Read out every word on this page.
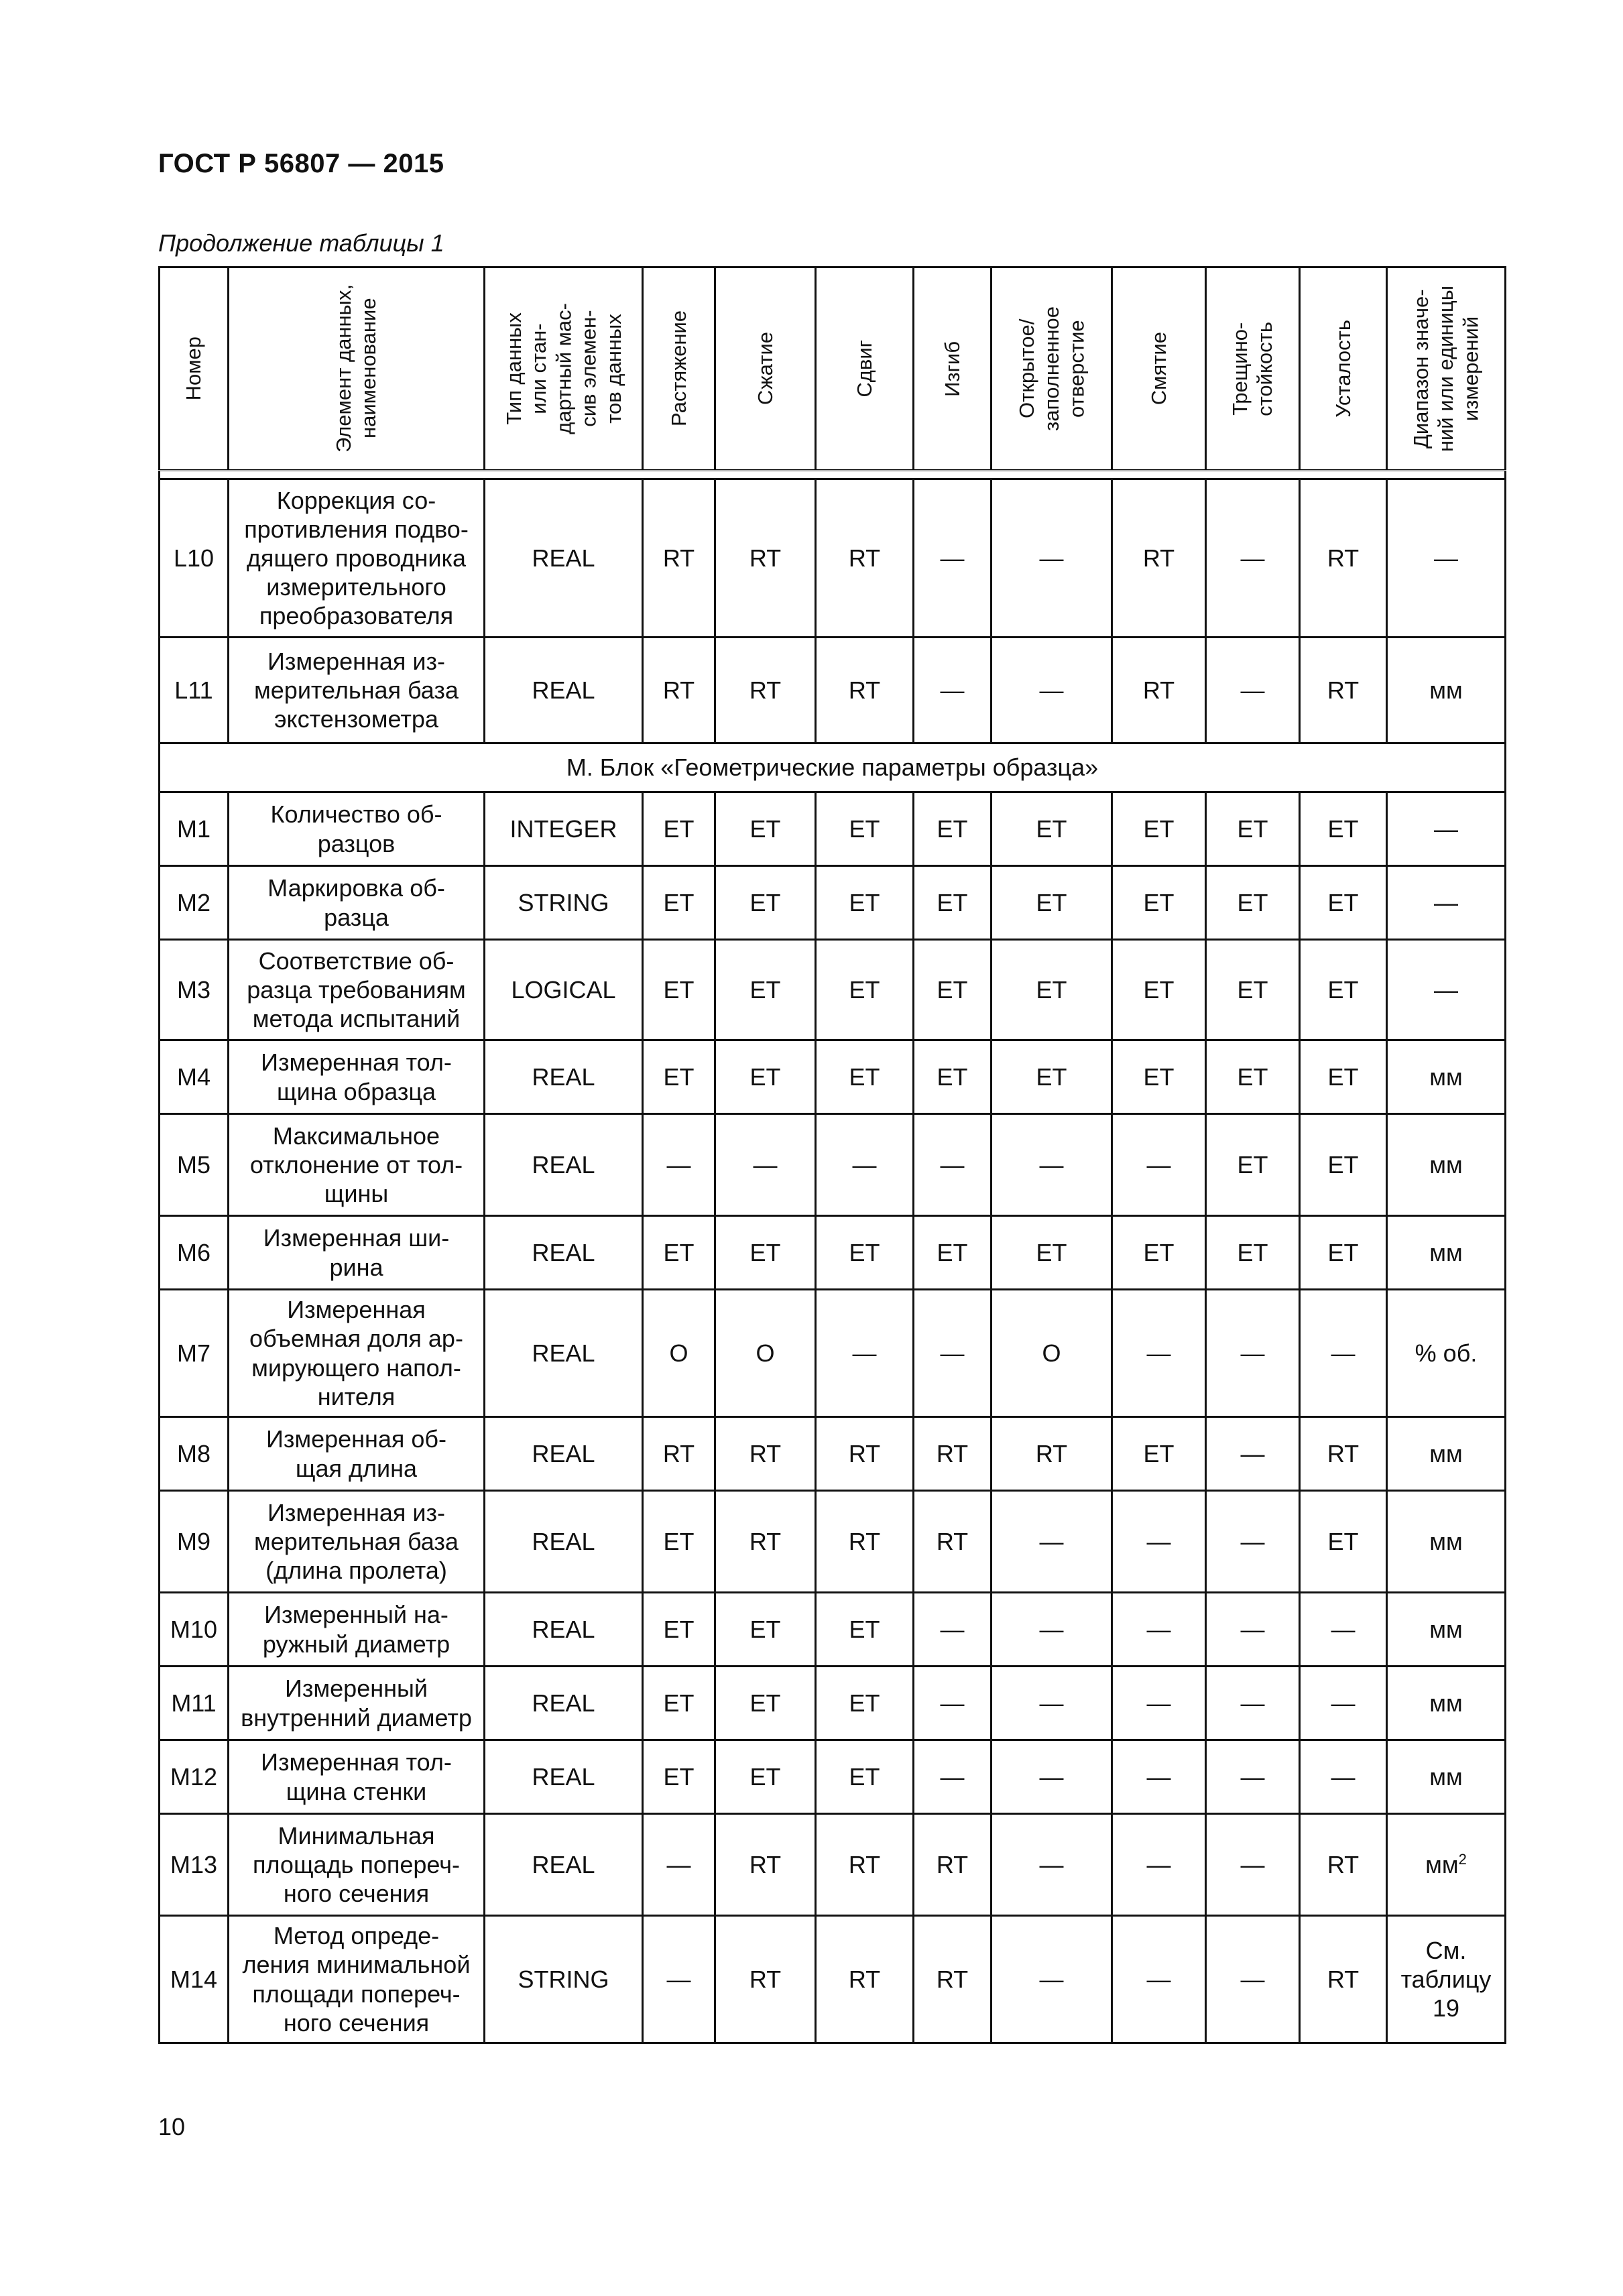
ГОСТ Р 56807 — 2015
Продолжение таблицы 1
Номер	Элемент данных,
наименование	Тип данных
или стан-
дартный мас-
сив элемен-
тов данных	Растяжение	Сжатие	Сдвиг	Изгиб	Открытое/
заполненное
отверстие	Смятие	Трещино-
стойкость	Усталость	Диапазон значе-
ний или единицы
измерений

L10	Коррекция со-
противления подво-
дящего проводника
измерительного
преобразователя	REAL	RT	RT	RT	—	—	RT	—	RT	—
L11	Измеренная из-
мерительная база
экстензометра	REAL	RT	RT	RT	—	—	RT	—	RT	мм
М. Блок «Геометрические параметры образца»											
M1	Количество об-
разцов	INTEGER	ET	ET	ET	ET	ET	ET	ET	ET	—
M2	Маркировка об-
разца	STRING	ET	ET	ET	ET	ET	ET	ET	ET	—
M3	Соответствие об-
разца требованиям
метода испытаний	LOGICAL	ET	ET	ET	ET	ET	ET	ET	ET	—
M4	Измеренная тол-
щина образца	REAL	ET	ET	ET	ET	ET	ET	ET	ET	мм
M5	Максимальное
отклонение от тол-
щины	REAL	—	—	—	—	—	—	ET	ET	мм
M6	Измеренная ши-
рина	REAL	ET	ET	ET	ET	ET	ET	ET	ET	мм
M7	Измеренная
объемная доля ар-
мирующего напол-
нителя	REAL	O	O	—	—	O	—	—	—	% об.
M8	Измеренная об-
щая длина	REAL	RT	RT	RT	RT	RT	ET	—	RT	мм
M9	Измеренная из-
мерительная база
(длина пролета)	REAL	ET	RT	RT	RT	—	—	—	ET	мм
M10	Измеренный на-
ружный диаметр	REAL	ET	ET	ET	—	—	—	—	—	мм
M11	Измеренный
внутренний диаметр	REAL	ET	ET	ET	—	—	—	—	—	мм
M12	Измеренная тол-
щина стенки	REAL	ET	ET	ET	—	—	—	—	—	мм
M13	Минимальная
площадь попереч-
ного сечения	REAL	—	RT	RT	RT	—	—	—	RT	$мм^2$
M14	Метод опреде-
ления минимальной
площади попереч-
ного сечения	STRING	—	RT	RT	RT	—	—	—	RT	См.
таблицу
19
10
